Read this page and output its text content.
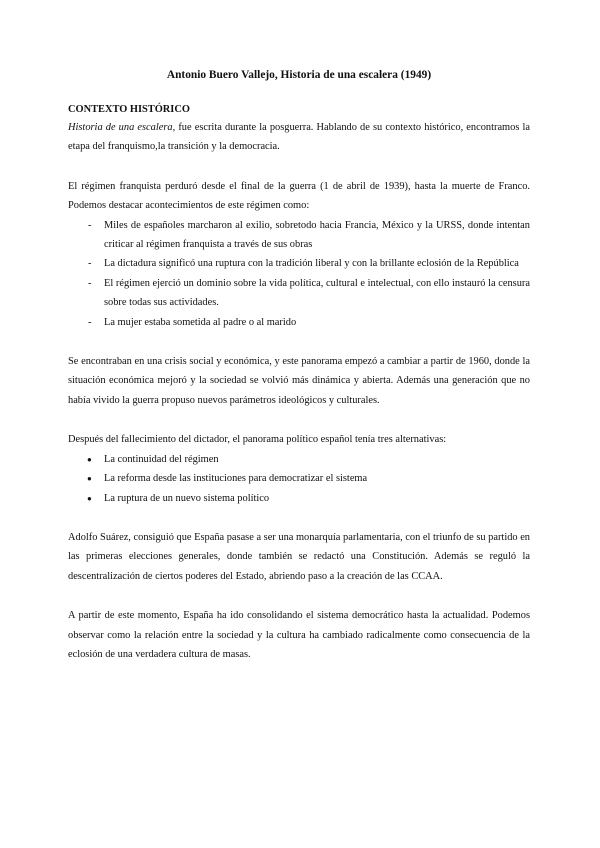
Antonio Buero Vallejo, Historia de una escalera (1949)
CONTEXTO HISTÓRICO

Historia de una escalera, fue escrita durante la posguerra. Hablando de su contexto histórico, encontramos la etapa del franquismo,la transición y la democracia.

El régimen franquista perduró desde el final de la guerra (1 de abril de 1939), hasta la muerte de Franco. Podemos destacar acontecimientos de este régimen como:

- Miles de españoles marcharon al exilio, sobretodo hacia Francia, México y la URSS, donde intentan criticar al régimen franquista a través de sus obras
- La dictadura significó una ruptura con la tradición liberal y con la brillante eclosión de la República
- El régimen ejerció un dominio sobre la vida política, cultural e intelectual, con ello instauró la censura sobre todas sus actividades.
- La mujer estaba sometida al padre o al marido

Se encontraban en una crisis social y económica, y este panorama empezó a cambiar a partir de 1960, donde la situación económica mejoró y la sociedad se volvió más dinámica y abierta. Además una generación que no había vivido la guerra propuso nuevos parámetros ideológicos y culturales.

Después del fallecimiento del dictador, el panorama político español tenía tres alternativas:

● La continuidad del régimen
● La reforma desde las instituciones para democratizar el sistema
● La ruptura de un nuevo sistema político

Adolfo Suárez, consiguió que España pasase a ser una monarquía parlamentaria, con el triunfo de su partido en las primeras elecciones generales, donde también se redactó una Constitución. Además se reguló la descentralización de ciertos poderes del Estado, abriendo paso a la creación de las CCAA.

A partir de este momento, España ha ido consolidando el sistema democrático hasta la actualidad. Podemos observar como la relación entre la sociedad y la cultura ha cambiado radicalmente como consecuencia de la eclosión de una verdadera cultura de masas.
